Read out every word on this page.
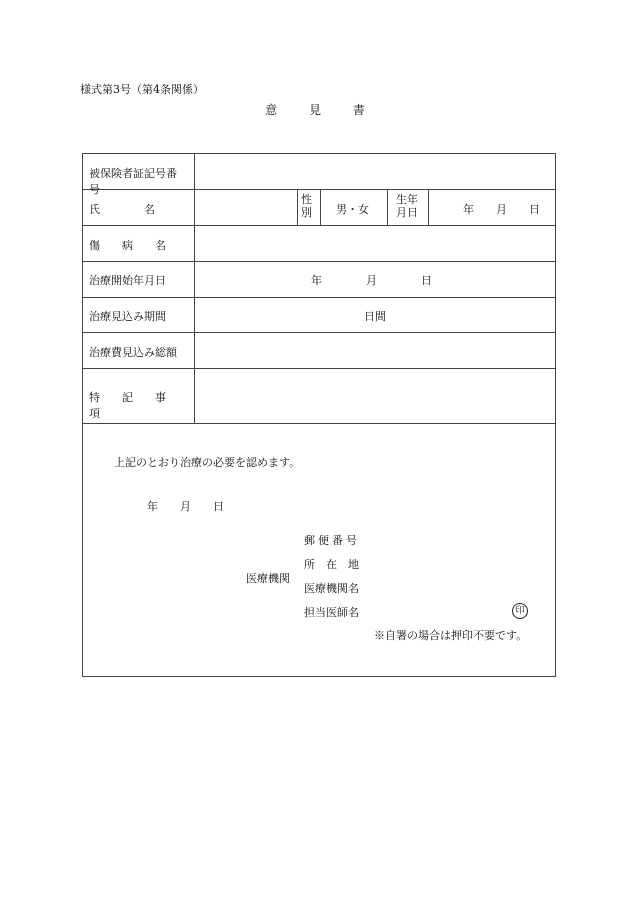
様式第3号（第4条関係）
意 見 書
被保険者証記号番号
氏　　　　名
傷　　病　　名
治療開始年月日
治療見込み期間
治療費見込み総額
特　　記　　事　　項
性別 男・女
生年月日	年　　月　　日
年　　　　月　　　　日
日間
上記のとおり治療の必要を認めます。
年　　月　　日
医療機関
郵便番号
所　在　地
医療機関名
担当医師名	印
※自署の場合は押印不要です。
